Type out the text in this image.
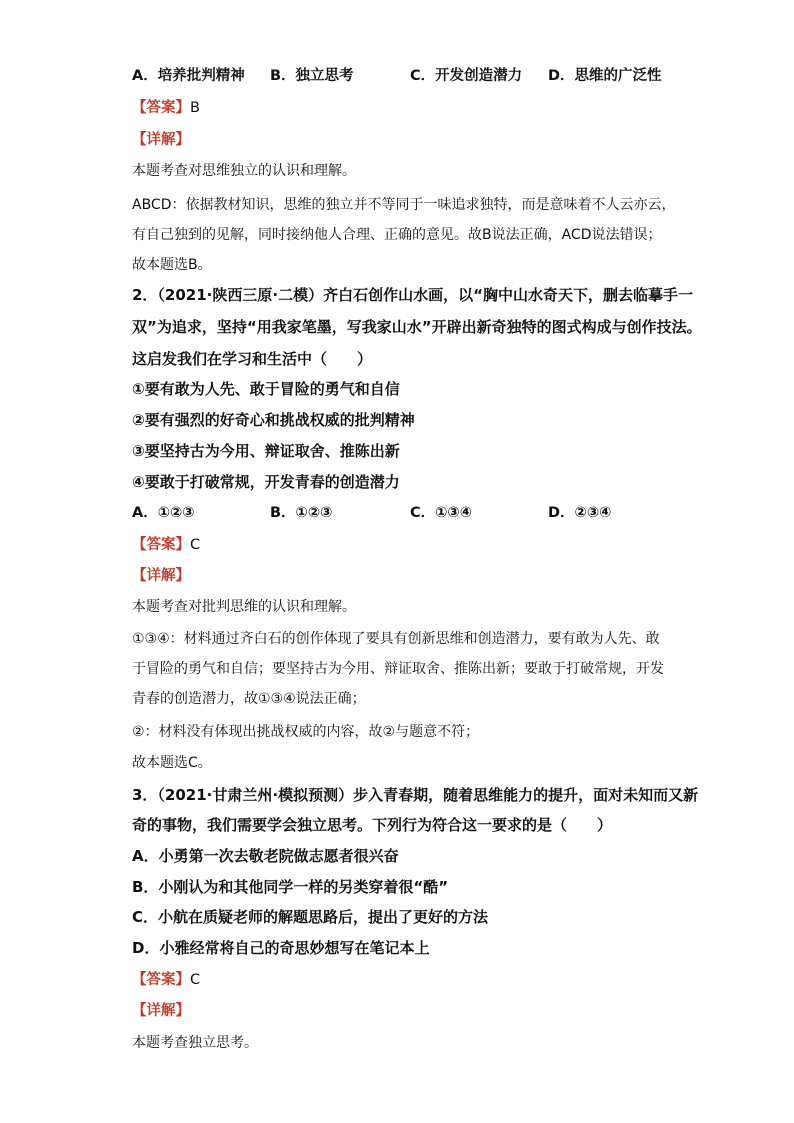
A．培养批判精神 B．独立思考	C．开发创造潜力 D．思维的广泛性
【答案】B
【详解】
本题考查对思维独立的认识和理解。
ABCD：依据教材知识，思维的独立并不等同于一味追求独特，而是意味着不人云亦云，
有自己独到的见解，同时接纳他人合理、正确的意见。故B说法正确，ACD说法错误；
故本题选B。
2．（2021·陕西三原·二模）齐白石创作山水画，以“胸中山水奇天下，删去临摹手一
双”为追求，坚持“用我家笔墨，写我家山水”开辟出新奇独特的图式构成与创作技法。
这启发我们在学习和生活中（　　）
①要有敢为人先、敢于冒险的勇气和自信
②要有强烈的好奇心和挑战权威的批判精神
③要坚持古为今用、辩证取舍、推陈出新
④要敢于打破常规，开发青春的创造潜力
A．①②③	B．①②③	C．①③④	D．②③④
【答案】C
【详解】
本题考查对批判思维的认识和理解。
①③④：材料通过齐白石的创作体现了要具有创新思维和创造潜力，要有敢为人先、敢
于冒险的勇气和自信；要坚持古为今用、辩证取舍、推陈出新；要敢于打破常规，开发
青春的创造潜力，故①③④说法正确；
②：材料没有体现出挑战权威的内容，故②与题意不符；
故本题选C。
3．（2021·甘肃兰州·模拟预测）步入青春期，随着思维能力的提升，面对未知而又新
奇的事物，我们需要学会独立思考。下列行为符合这一要求的是（　　）
A．小勇第一次去敬老院做志愿者很兴奋
B．小刚认为和其他同学一样的另类穿着很“酷”
C．小航在质疑老师的解题思路后，提出了更好的方法
D．小雅经常将自己的奇思妙想写在笔记本上
【答案】C
【详解】
本题考查独立思考。
